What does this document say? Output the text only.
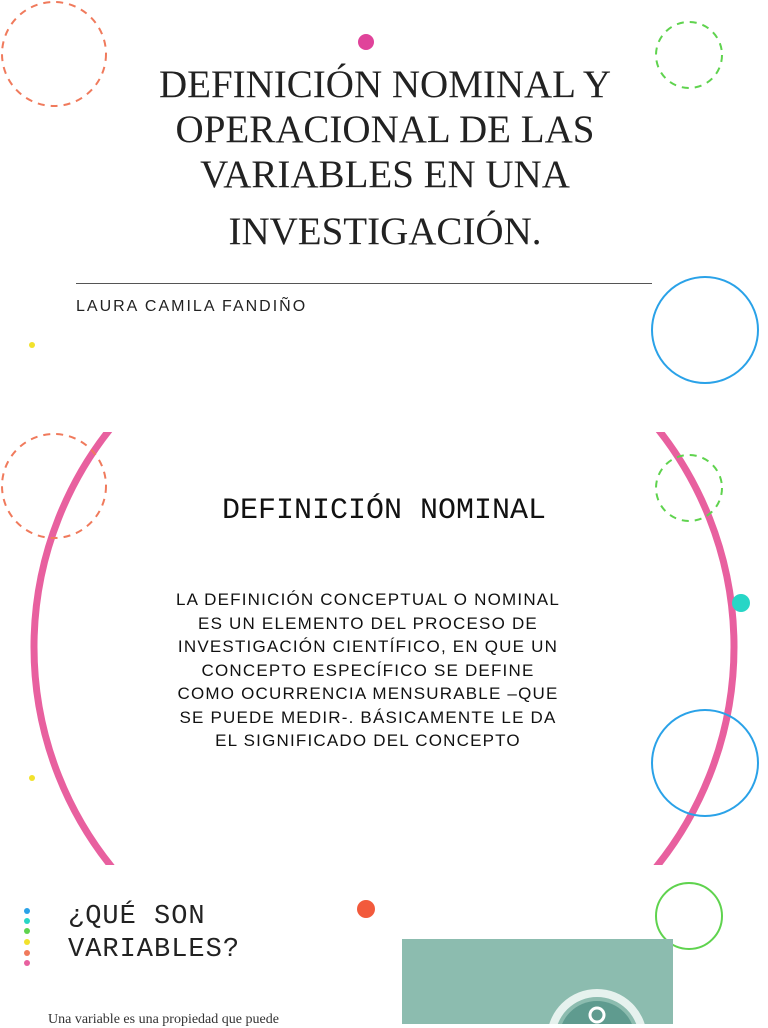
DEFINICIÓN NOMINAL Y
OPERACIONAL DE LAS
VARIABLES EN UNA
INVESTIGACIÓN.
LAURA CAMILA FANDIÑO
DEFINICIÓN NOMINAL

LA DEFINICIÓN CONCEPTUAL O NOMINAL
ES UN ELEMENTO DEL PROCESO DE
INVESTIGACIÓN CIENTÍFICO, EN QUE UN
CONCEPTO ESPECÍFICO SE DEFINE
COMO OCURRENCIA MENSURABLE –QUE
SE PUEDE MEDIR-. BÁSICAMENTE LE DA
EL SIGNIFICADO DEL CONCEPTO

¿QUÉ SON
VARIABLES?
Una variable es una propiedad que puede
